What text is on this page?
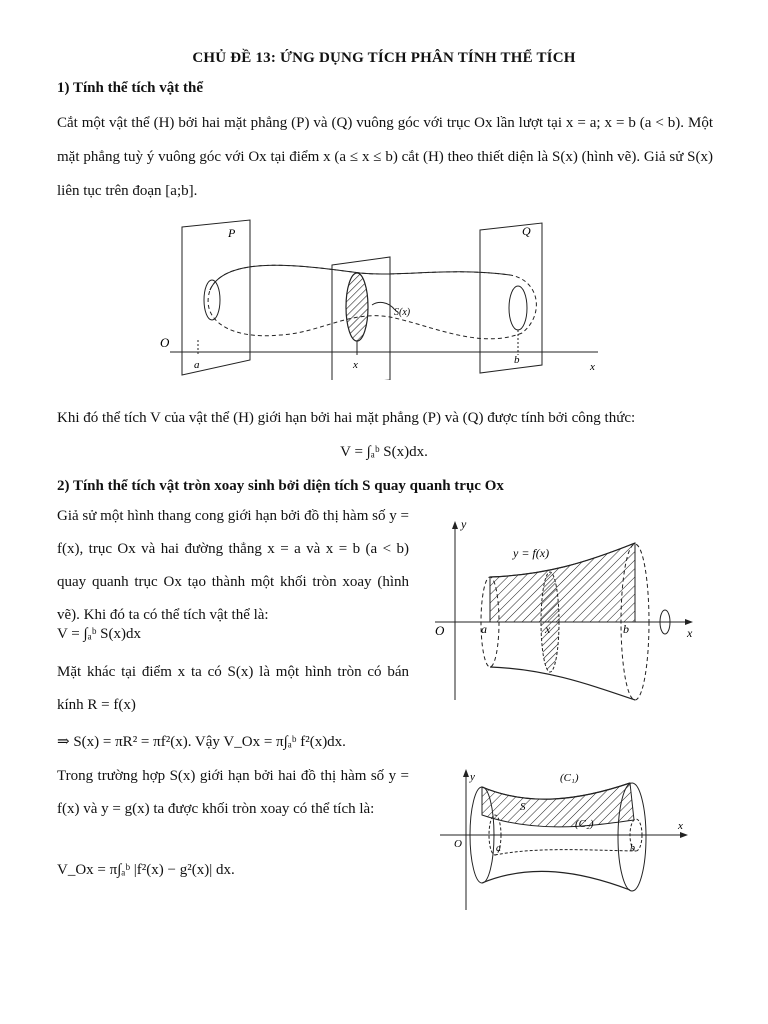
CHỦ ĐỀ 13: ỨNG DỤNG TÍCH PHÂN TÍNH THỂ TÍCH
1) Tính thể tích vật thể
Cắt một vật thể (H) bởi hai mặt phẳng (P) và (Q) vuông góc với trục Ox lần lượt tại x = a; x = b (a < b). Một mặt phẳng tuỳ ý vuông góc với Ox tại điểm x (a ≤ x ≤ b) cắt (H) theo thiết diện là S(x) (hình vẽ). Giả sử S(x) liên tục trên đoạn [a;b].
P	Q
O
a	x	b
x
S(x)
Khi đó thể tích V của vật thể (H) giới hạn bởi hai mặt phẳng (P) và (Q) được tính bởi công thức:
V = ∫ₐᵇ S(x)dx.
2) Tính thể tích vật tròn xoay sinh bởi diện tích S quay quanh trục Ox
Giả sử một hình thang cong giới hạn bởi đồ thị hàm số y = f(x), trục Ox và hai đường thẳng x = a và x = b (a < b) quay quanh trục Ox tạo thành một khối tròn xoay (hình vẽ). Khi đó ta có thể tích vật thể là:
V = ∫ₐᵇ S(x)dx
Mặt khác tại điểm x ta có S(x) là một hình tròn có bán kính R = f(x)
⇒ S(x) = πR² = πf²(x). Vậy V_Ox = π∫ₐᵇ f²(x)dx.
Trong trường hợp S(x) giới hạn bởi hai đồ thị hàm số y = f(x) và y = g(x) ta được khối tròn xoay có thể tích là:
V_Ox = π∫ₐᵇ |f²(x) − g²(x)| dx.
y
y = f(x)
O	a	x	b	x
y	(C₁)
(C₂)
S
O
x
a	b
